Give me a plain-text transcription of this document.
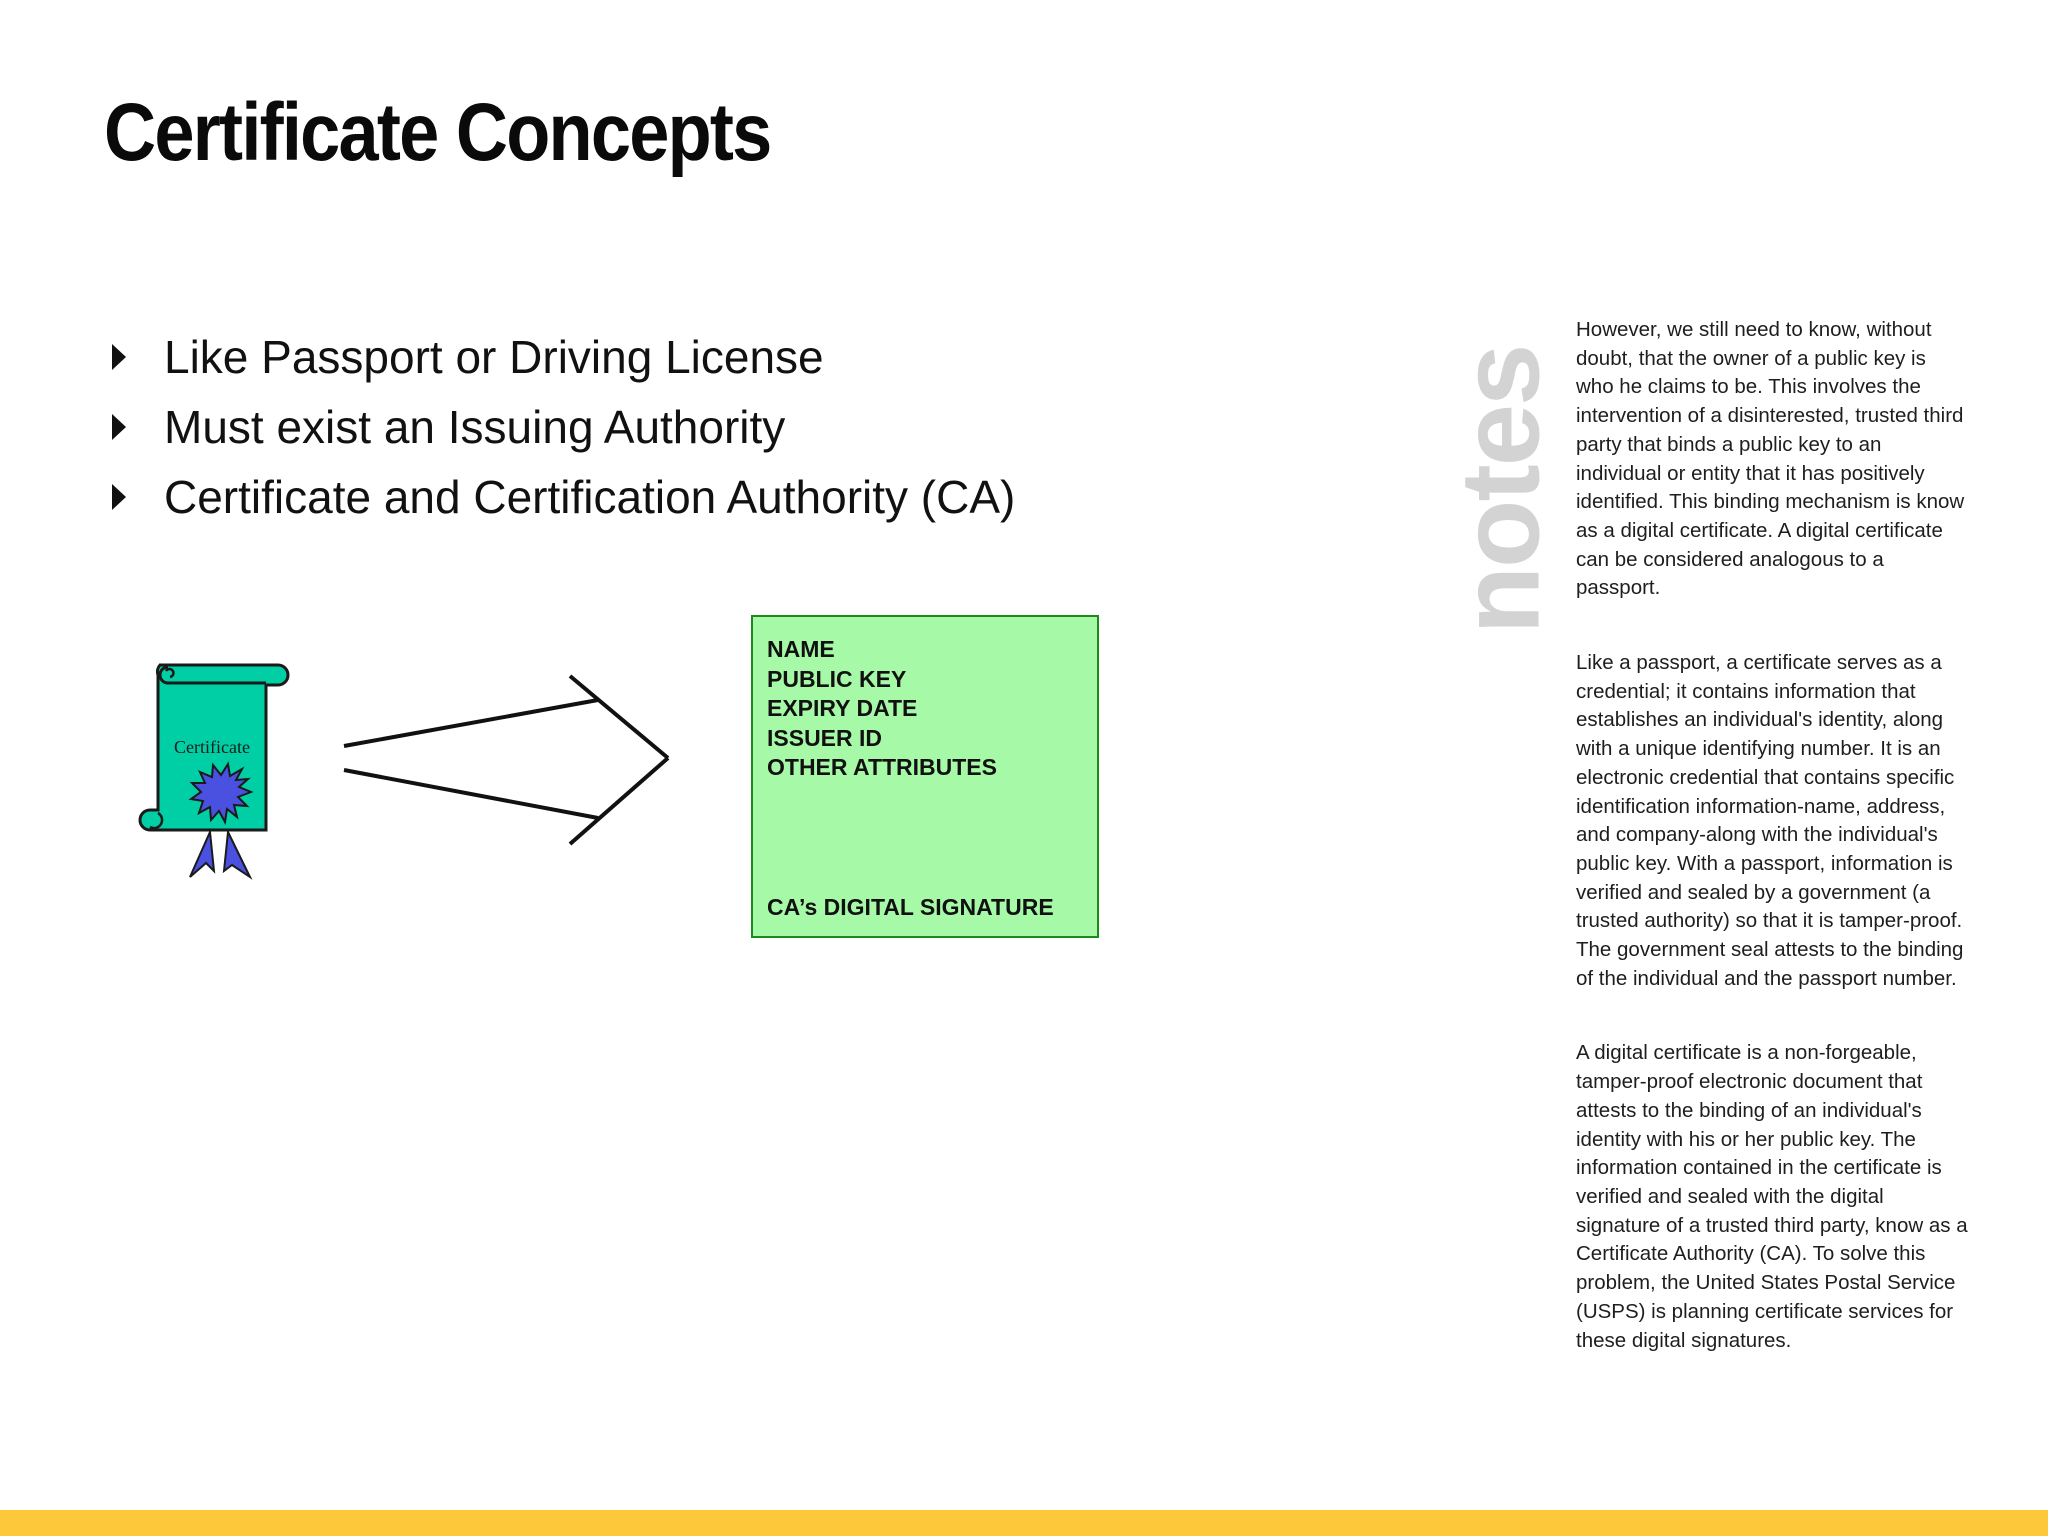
Certificate Concepts
Like Passport or Driving License
Must exist an Issuing Authority
Certificate and Certification Authority (CA)
Certificate
NAME
PUBLIC KEY
EXPIRY DATE
ISSUER ID
OTHER ATTRIBUTES
CA’s DIGITAL SIGNATURE
notes

However, we still need to know, without doubt, that the owner of a public key is who he claims to be. This involves the intervention of a disinterested, trusted third party that binds a public key to an individual or entity that it has positively identified. This binding mechanism is know as a digital certificate. A digital certificate can be considered analogous to a passport.

Like a passport, a certificate serves as a credential; it contains information that establishes an individual's identity, along with a unique identifying number. It is an electronic credential that contains specific identification information-name, address, and company-along with the individual's public key. With a passport, information is verified and sealed by a government (a trusted authority) so that it is tamper-proof. The government seal attests to the binding of the individual and the passport number.

A digital certificate is a non-forgeable, tamper-proof electronic document that attests to the binding of an individual's identity with his or her public key. The information contained in the certificate is verified and sealed with the digital signature of a trusted third party, know as a Certificate Authority (CA). To solve this problem, the United States Postal Service (USPS) is planning certificate services for these digital signatures.
